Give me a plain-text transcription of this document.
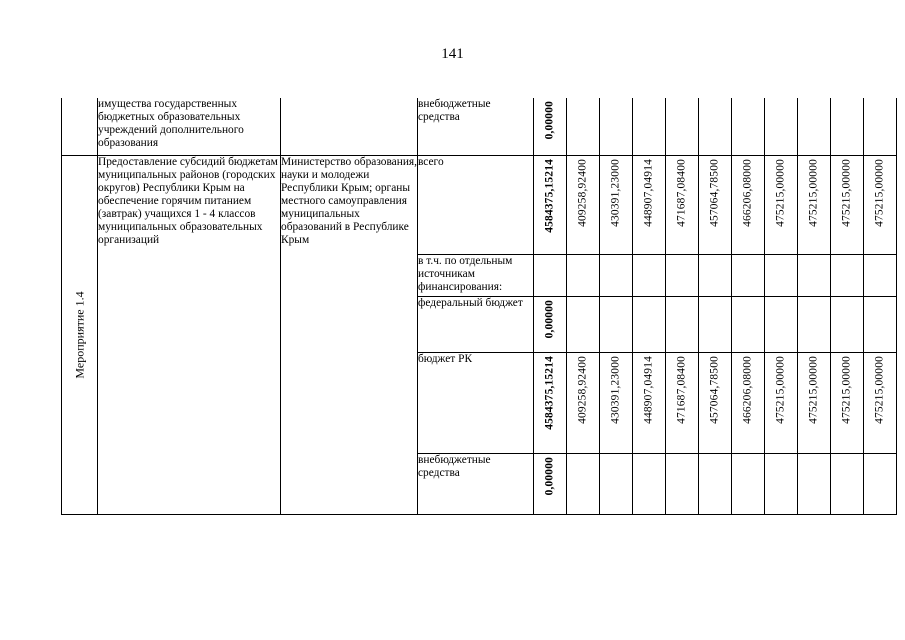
141
	имущества государственных бюджетных образовательных учреждений дополнительного образования		внебюджетные средства	0,00000										

Мероприятие 1.4	Предоставление субсидий бюджетам муниципальных районов (городских округов) Республики Крым на обеспечение горячим питанием (завтрак) учащихся 1 - 4 классов муниципальных образовательных организаций	Министерство образования, науки и молодежи Республики Крым; органы местного самоуправления муниципальных образований в Республике Крым	всего	4584375,15214	409258,92400	430391,23000	448907,04914	471687,08400	457064,78500	466206,08000	475215,00000	475215,00000	475215,00000	475215,00000

			в т.ч. по отдельным источникам финансирования:											
			федеральный бюджет	0,00000										

			бюджет РК	4584375,15214	409258,92400	430391,23000	448907,04914	471687,08400	457064,78500	466206,08000	475215,00000	475215,00000	475215,00000	475215,00000

			внебюджетные средства	0,00000										
